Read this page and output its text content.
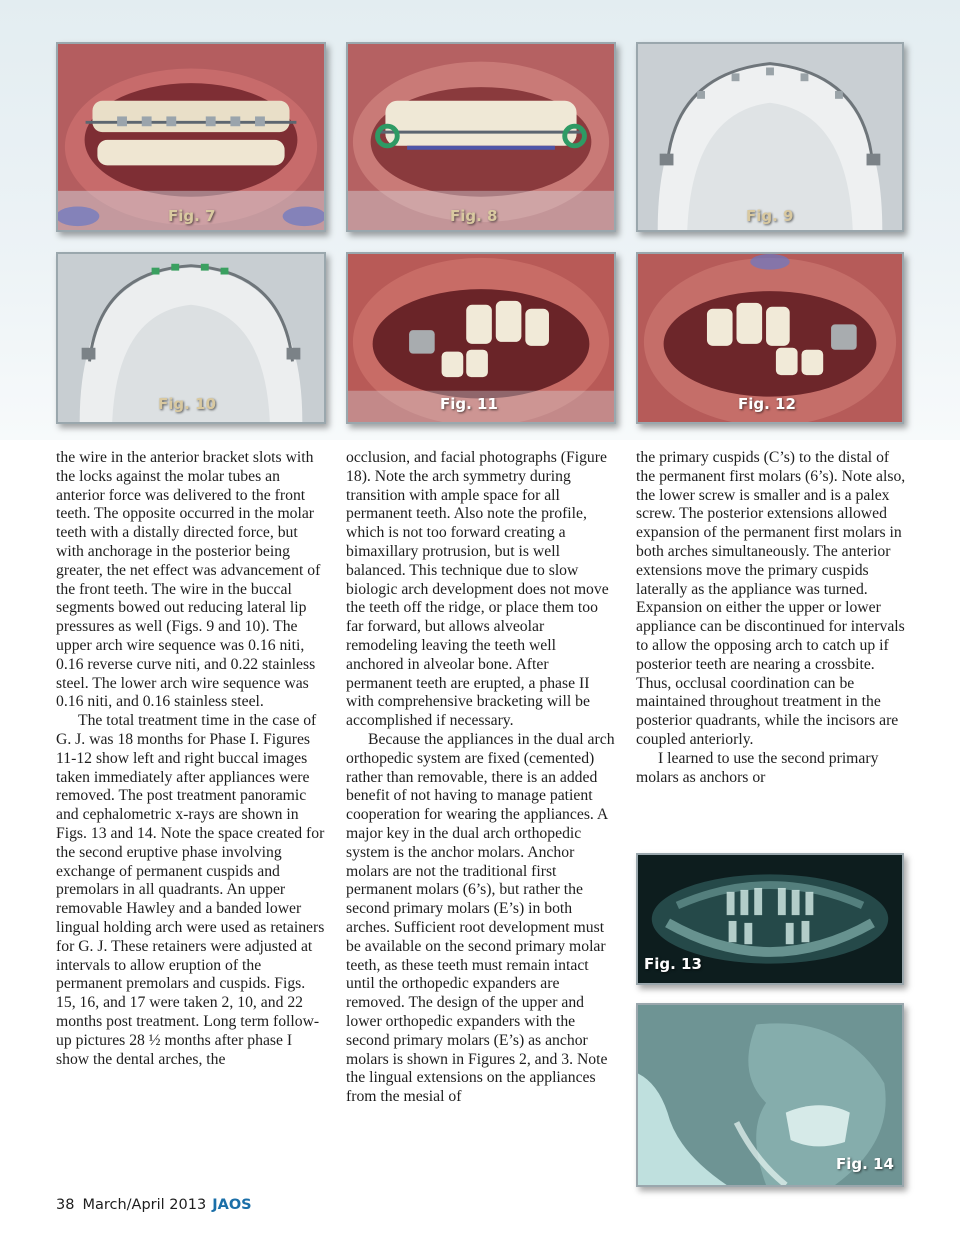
Fig. 7	Fig. 8	Fig. 9
Fig. 10	Fig. 11	Fig. 12

the wire in the anterior bracket slots with the locks against the molar tubes an anterior force was delivered to the front teeth. The opposite occurred in the molar teeth with a distally directed force, but with anchorage in the posterior being greater, the net effect was advancement of the front teeth. The wire in the buccal segments bowed out reducing lateral lip pressures as well (Figs. 9 and 10). The upper arch wire sequence was 0.16 niti, 0.16 reverse curve niti, and 0.22 stainless steel. The lower arch wire sequence was 0.16 niti, and 0.16 stainless steel.

The total treatment time in the case of G. J. was 18 months for Phase I. Figures 11-12 show left and right buccal images taken immediately after appliances were removed. The post treatment panoramic and cephalometric x-rays are shown in Figs. 13 and 14. Note the space created for the second eruptive phase involving exchange of permanent cuspids and premolars in all quadrants. An upper removable Hawley and a banded lower lingual holding arch were used as retainers for G. J. These retainers were adjusted at intervals to allow eruption of the permanent premolars and cuspids. Figs. 15, 16, and 17 were taken 2, 10, and 22 months post treatment. Long term follow-up pictures 28 ½ months after phase I show the dental arches, the

occlusion, and facial photographs (Figure 18). Note the arch symmetry during transition with ample space for all permanent teeth. Also note the profile, which is not too forward creating a bimaxillary protrusion, but is well balanced. This technique due to slow biologic arch development does not move the teeth off the ridge, or place them too far forward, but allows alveolar remodeling leaving the teeth well anchored in alveolar bone. After permanent teeth are erupted, a phase II with comprehensive bracketing will be accomplished if necessary.

Because the appliances in the dual arch orthopedic system are fixed (cemented) rather than removable, there is an added benefit of not having to manage patient cooperation for wearing the appliances. A major key in the dual arch orthopedic system is the anchor molars. Anchor molars are not the traditional first permanent molars (6’s), but rather the second primary molars (E’s) in both arches. Sufficient root development must be available on the second primary molar teeth, as these teeth must remain intact until the orthopedic expanders are removed. The design of the upper and lower orthopedic expanders with the second primary molars (E’s) as anchor molars is shown in Figures 2, and 3. Note the lingual extensions on the appliances from the mesial of

the primary cuspids (C’s) to the distal of the permanent first molars (6’s). Note also, the lower screw is smaller and is a palex screw. The posterior extensions allowed expansion of the permanent first molars in both arches simultaneously. The anterior extensions move the primary cuspids laterally as the appliance was turned. Expansion on either the upper or lower appliance can be discontinued for intervals to allow the opposing arch to catch up if posterior teeth are nearing a crossbite. Thus, occlusal coordination can be maintained throughout treatment in the posterior quadrants, while the incisors are coupled anteriorly.

I learned to use the second primary molars as anchors or

Fig. 13
Fig. 14
38 March/April 2013 JAOS
